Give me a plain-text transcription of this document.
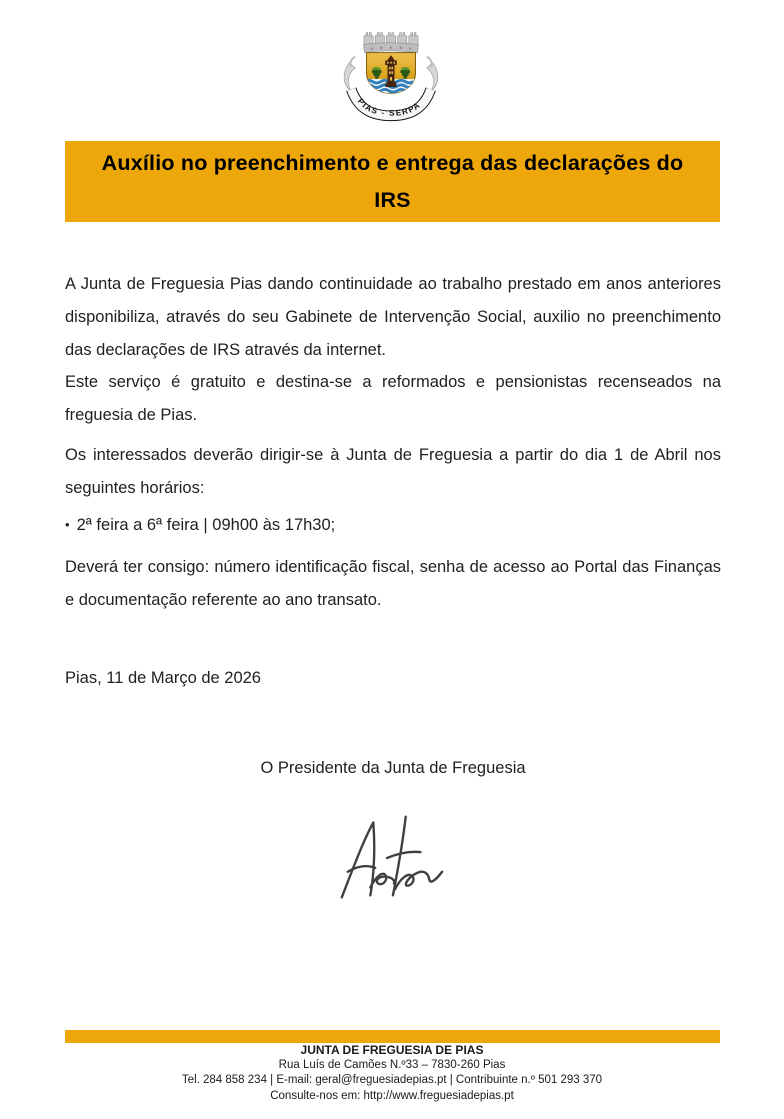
PIAS - SERPA
Auxílio no preenchimento e entrega das declarações do
IRS

A Junta de Freguesia Pias dando continuidade ao trabalho prestado em anos anteriores disponibiliza, através do seu Gabinete de Intervenção Social, auxilio no preenchimento das declarações de IRS através da internet.

Este serviço é gratuito e destina-se a reformados e pensionistas recenseados na freguesia de Pias.

Os interessados deverão dirigir-se à Junta de Freguesia a partir do dia 1 de Abril nos seguintes horários:

• 2ª feira a 6ª feira | 09h00 às 17h30;

Deverá ter consigo: número identificação fiscal, senha de acesso ao Portal das Finanças e documentação referente ao ano transato.

Pias, 11 de Março de 2026

O Presidente da Junta de Freguesia

JUNTA DE FREGUESIA DE PIAS
Rua Luís de Camões N.º33 – 7830-260 Pias
Tel. 284 858 234 | E-mail: geral@freguesiadepias.pt | Contribuinte n.º 501 293 370
Consulte-nos em: http://www.freguesiadepias.pt
